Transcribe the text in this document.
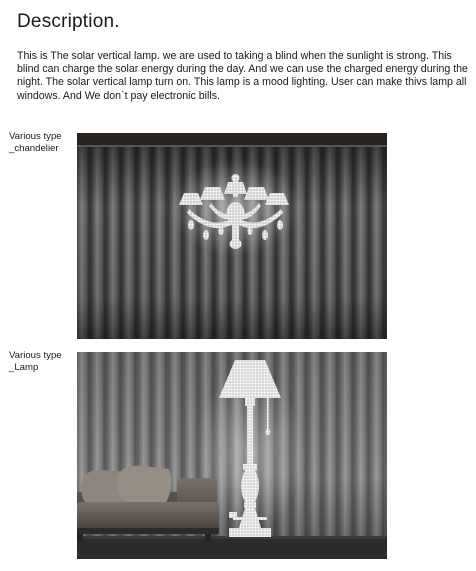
Description.

This is The solar vertical lamp. we are used to taking a blind when the sunlight is strong. This blind can charge the solar energy during the day. And we can use the charged energy during the night. The solar vertical lamp turn on. This lamp is a mood lighting. User can make thivs lamp all windows. And We don`t pay electronic bills.

Various type
_chandelier
Various type
_Lamp
